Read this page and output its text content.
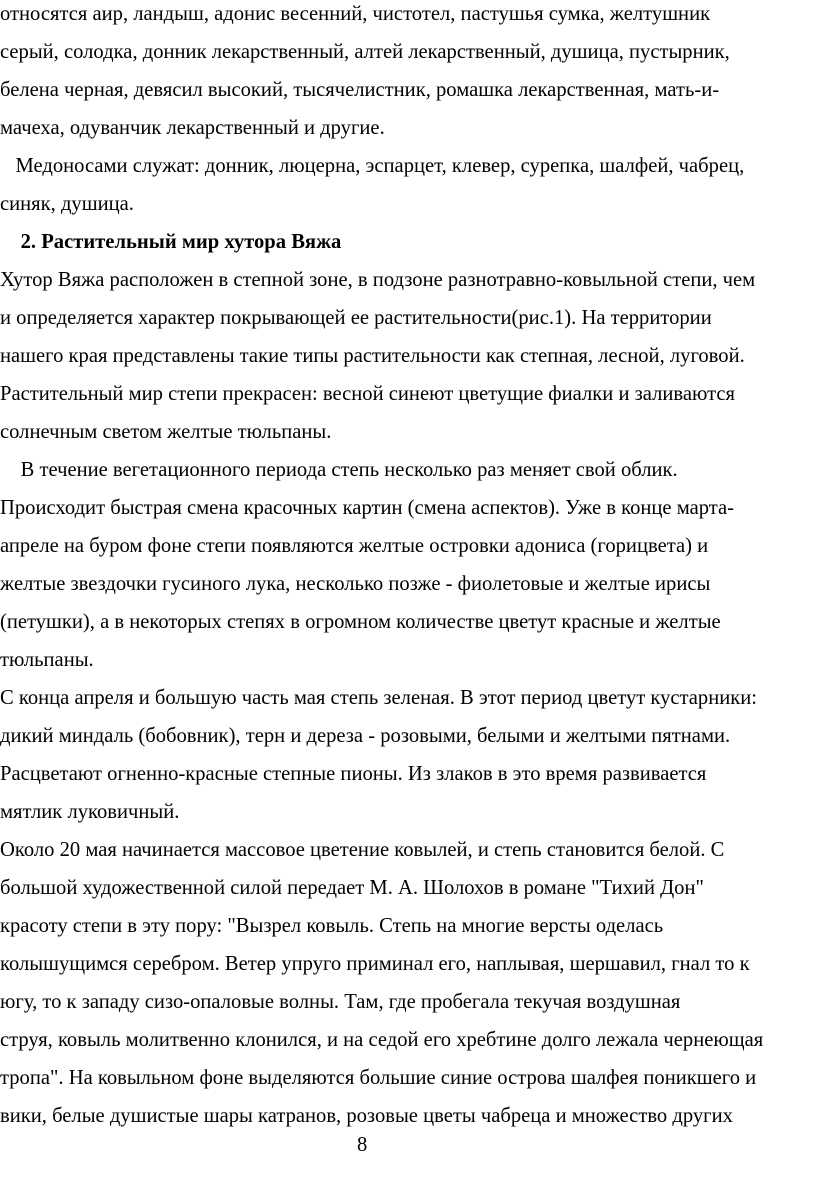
относятся аир, ландыш, адонис весенний, чистотел, пастушья сумка, желтушник
серый, солодка, донник лекарственный, алтей лекарственный, душица, пустырник,
белена черная, девясил высокий, тысячелистник, ромашка лекарственная, мать-и-
мачеха, одуванчик лекарственный и другие.
Медоносами служат: донник, люцерна, эспарцет, клевер, сурепка, шалфей, чабрец,
синяк, душица.
2. Растительный мир хутора Вяжа
Хутор Вяжа расположен в степной зоне, в подзоне разнотравно-ковыльной степи, чем
и определяется характер покрывающей ее растительности(рис.1). На территории
нашего края представлены такие типы растительности как степная, лесной, луговой.
Растительный мир степи прекрасен: весной синеют цветущие фиалки и заливаются
солнечным светом желтые тюльпаны.
В течение вегетационного периода степь несколько раз меняет свой облик.
Происходит быстрая смена красочных картин (смена аспектов). Уже в конце марта-
апреле на буром фоне степи появляются желтые островки адониса (горицвета) и
желтые звездочки гусиного лука, несколько позже - фиолетовые и желтые ирисы
(петушки), а в некоторых степях в огромном количестве цветут красные и желтые
тюльпаны.
С конца апреля и большую часть мая степь зеленая. В этот период цветут кустарники:
дикий миндаль (бобовник), терн и дереза - розовыми, белыми и желтыми пятнами.
Расцветают огненно-красные степные пионы. Из злаков в это время развивается
мятлик луковичный.
Около 20 мая начинается массовое цветение ковылей, и степь становится белой. С
большой художественной силой передает М. А. Шолохов в романе "Тихий Дон"
красоту степи в эту пору: "Вызрел ковыль. Степь на многие версты оделась
колышущимся серебром. Ветер упруго приминал его, наплывая, шершавил, гнал то к
югу, то к западу сизо-опаловые волны. Там, где пробегала текучая воздушная
струя, ковыль молитвенно клонился, и на седой его хребтине долго лежала чернеющая
тропа". На ковыльном фоне выделяются большие синие острова шалфея поникшего и
вики, белые душистые шары катранов, розовые цветы чабреца и множество других
8
